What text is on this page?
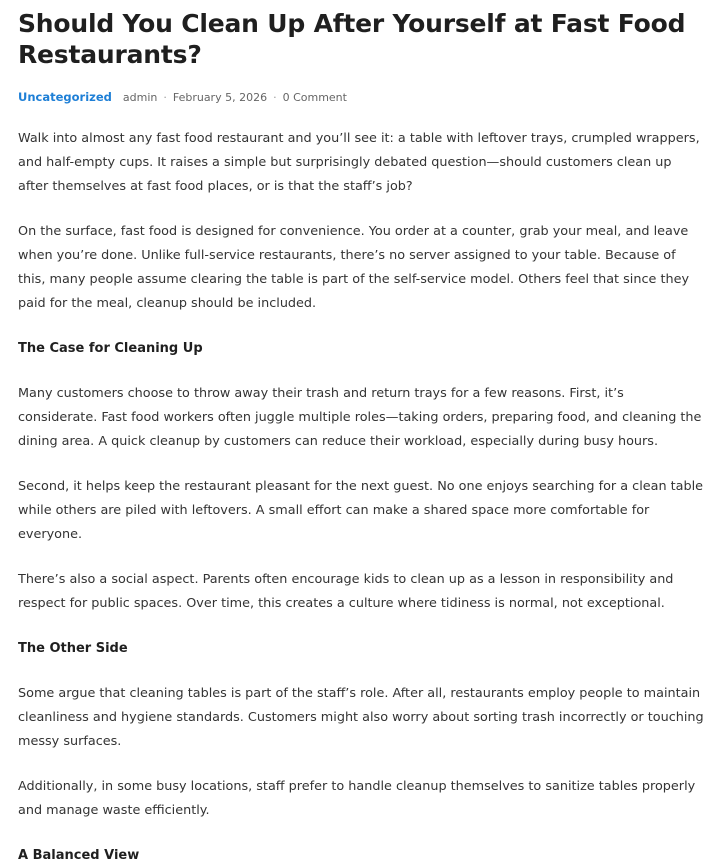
Should You Clean Up After Yourself at Fast Food Restaurants?
Uncategorized admin · February 5, 2026 · 0 Comment

Walk into almost any fast food restaurant and you’ll see it: a table with leftover trays, crumpled wrappers, and half-empty cups. It raises a simple but surprisingly debated question—should customers clean up after themselves at fast food places, or is that the staff’s job?

On the surface, fast food is designed for convenience. You order at a counter, grab your meal, and leave when you’re done. Unlike full-service restaurants, there’s no server assigned to your table. Because of this, many people assume clearing the table is part of the self-service model. Others feel that since they paid for the meal, cleanup should be included.

The Case for Cleaning Up

Many customers choose to throw away their trash and return trays for a few reasons. First, it’s considerate. Fast food workers often juggle multiple roles—taking orders, preparing food, and cleaning the dining area. A quick cleanup by customers can reduce their workload, especially during busy hours.

Second, it helps keep the restaurant pleasant for the next guest. No one enjoys searching for a clean table while others are piled with leftovers. A small effort can make a shared space more comfortable for everyone.

There’s also a social aspect. Parents often encourage kids to clean up as a lesson in responsibility and respect for public spaces. Over time, this creates a culture where tidiness is normal, not exceptional.

The Other Side

Some argue that cleaning tables is part of the staff’s role. After all, restaurants employ people to maintain cleanliness and hygiene standards. Customers might also worry about sorting trash incorrectly or touching messy surfaces.

Additionally, in some busy locations, staff prefer to handle cleanup themselves to sanitize tables properly and manage waste efficiently.

A Balanced View
